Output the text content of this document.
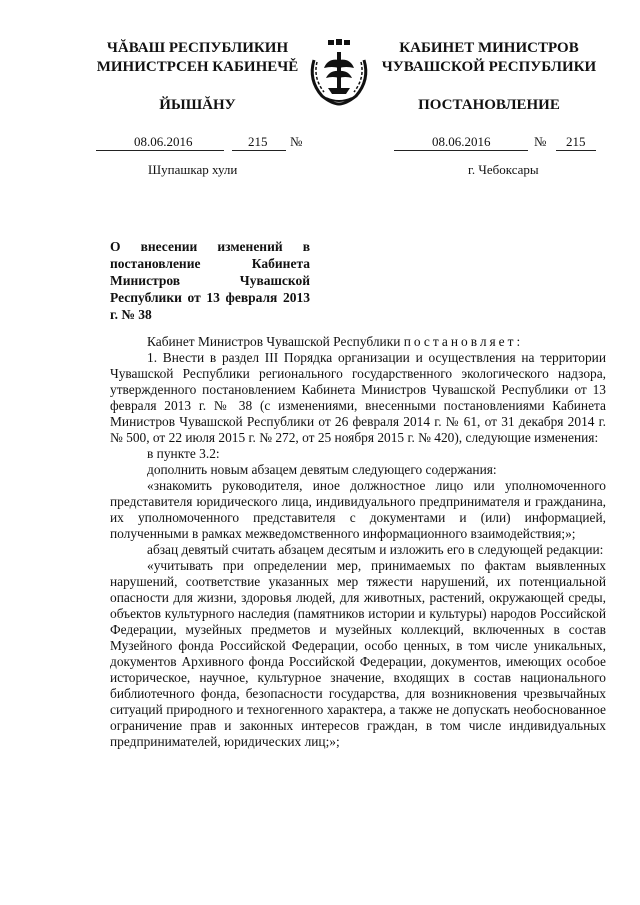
ЧĂВАШ РЕСПУБЛИКИН
МИНИСТРСЕН КАБИНЕЧĚ
КАБИНЕТ МИНИСТРОВ
ЧУВАШСКОЙ РЕСПУБЛИКИ
ЙЫШĂНУ	ПОСТАНОВЛЕНИЕ
08.06.2016	215 №	08.06.2016	№ 215
Шупашкар хули	г. Чебоксары
О внесении изменений в постановление Кабинета Министров Чувашской Республики от 13 февраля 2013 г. № 38

Кабинет Министров Чувашской Республики постановляет:

1. Внести в раздел III Порядка организации и осуществления на территории Чувашской Республики регионального государственного экологического надзора, утвержденного постановлением Кабинета Министров Чувашской Республики от 13 февраля 2013 г. № 38 (с изменениями, внесенными постановлениями Кабинета Министров Чувашской Республики от 26 февраля 2014 г. № 61, от 31 декабря 2014 г. № 500, от 22 июля 2015 г. № 272, от 25 ноября 2015 г. № 420), следующие изменения:

в пункте 3.2:

дополнить новым абзацем девятым следующего содержания:

«знакомить руководителя, иное должностное лицо или уполномоченного представителя юридического лица, индивидуального предпринимателя и гражданина, их уполномоченного представителя с документами и (или) информацией, полученными в рамках межведомственного информационного взаимодействия;»;

абзац девятый считать абзацем десятым и изложить его в следующей редакции:

«учитывать при определении мер, принимаемых по фактам выявленных нарушений, соответствие указанных мер тяжести нарушений, их потенциальной опасности для жизни, здоровья людей, для животных, растений, окружающей среды, объектов культурного наследия (памятников истории и культуры) народов Российской Федерации, музейных предметов и музейных коллекций, включенных в состав Музейного фонда Российской Федерации, особо ценных, в том числе уникальных, документов Архивного фонда Российской Федерации, документов, имеющих особое историческое, научное, культурное значение, входящих в состав национального библиотечного фонда, безопасности государства, для возникновения чрезвычайных ситуаций природного и техногенного характера, а также не допускать необоснованное ограничение прав и законных интересов граждан, в том числе индивидуальных предпринимателей, юридических лиц;»;
